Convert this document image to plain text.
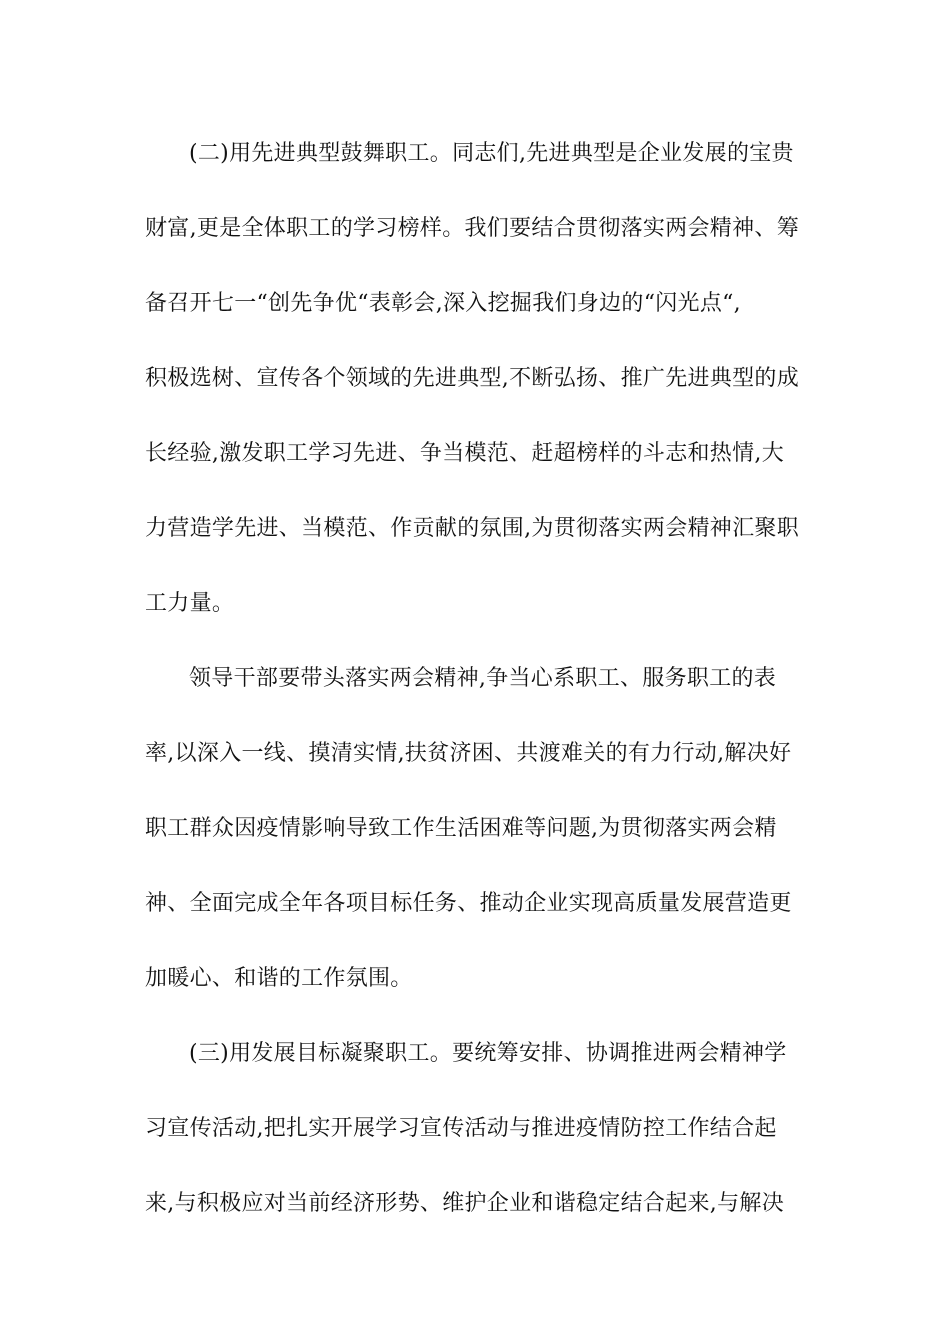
(二)用先进典型鼓舞职工。同志们,先进典型是企业发展的宝贵
财富,更是全体职工的学习榜样。我们要结合贯彻落实两会精神、筹
备召开七一“创先争优“表彰会,深入挖掘我们身边的“闪光点“,
积极选树、宣传各个领域的先进典型,不断弘扬、推广先进典型的成
长经验,激发职工学习先进、争当模范、赶超榜样的斗志和热情,大
力营造学先进、当模范、作贡献的氛围,为贯彻落实两会精神汇聚职
工力量。
领导干部要带头落实两会精神,争当心系职工、服务职工的表
率,以深入一线、摸清实情,扶贫济困、共渡难关的有力行动,解决好
职工群众因疫情影响导致工作生活困难等问题,为贯彻落实两会精
神、全面完成全年各项目标任务、推动企业实现高质量发展营造更
加暖心、和谐的工作氛围。
(三)用发展目标凝聚职工。要统筹安排、协调推进两会精神学
习宣传活动,把扎实开展学习宣传活动与推进疫情防控工作结合起
来,与积极应对当前经济形势、维护企业和谐稳定结合起来,与解决
